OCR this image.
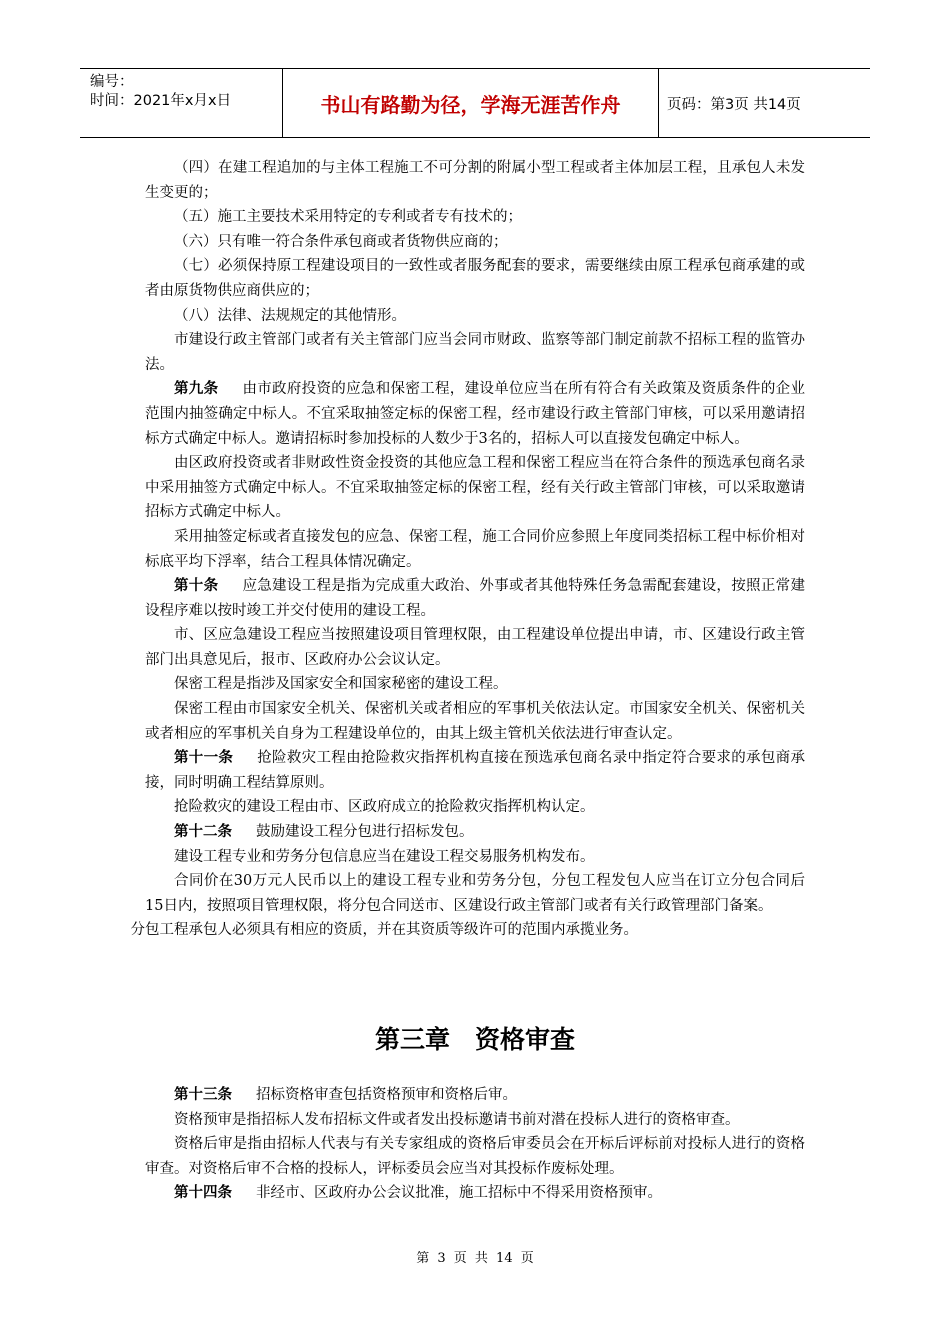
编号：
时间：2021年x月x日	书山有路勤为径，学海无涯苦作舟	页码：第3页 共14页

（四）在建工程追加的与主体工程施工不可分割的附属小型工程或者主体加层工程，且承包人未发生变更的；

（五）施工主要技术采用特定的专利或者专有技术的；

（六）只有唯一符合条件承包商或者货物供应商的；

（七）必须保持原工程建设项目的一致性或者服务配套的要求，需要继续由原工程承包商承建的或者由原货物供应商供应的；

（八）法律、法规规定的其他情形。

市建设行政主管部门或者有关主管部门应当会同市财政、监察等部门制定前款不招标工程的监管办法。

第九条 由市政府投资的应急和保密工程，建设单位应当在所有符合有关政策及资质条件的企业范围内抽签确定中标人。不宜采取抽签定标的保密工程，经市建设行政主管部门审核，可以采用邀请招标方式确定中标人。邀请招标时参加投标的人数少于3名的，招标人可以直接发包确定中标人。

由区政府投资或者非财政性资金投资的其他应急工程和保密工程应当在符合条件的预选承包商名录中采用抽签方式确定中标人。不宜采取抽签定标的保密工程，经有关行政主管部门审核，可以采取邀请招标方式确定中标人。

采用抽签定标或者直接发包的应急、保密工程，施工合同价应参照上年度同类招标工程中标价相对标底平均下浮率，结合工程具体情况确定。

第十条 应急建设工程是指为完成重大政治、外事或者其他特殊任务急需配套建设，按照正常建设程序难以按时竣工并交付使用的建设工程。

市、区应急建设工程应当按照建设项目管理权限，由工程建设单位提出申请，市、区建设行政主管部门出具意见后，报市、区政府办公会议认定。

保密工程是指涉及国家安全和国家秘密的建设工程。

保密工程由市国家安全机关、保密机关或者相应的军事机关依法认定。市国家安全机关、保密机关或者相应的军事机关自身为工程建设单位的，由其上级主管机关依法进行审查认定。

第十一条 抢险救灾工程由抢险救灾指挥机构直接在预选承包商名录中指定符合要求的承包商承接，同时明确工程结算原则。

抢险救灾的建设工程由市、区政府成立的抢险救灾指挥机构认定。

第十二条 鼓励建设工程分包进行招标发包。

建设工程专业和劳务分包信息应当在建设工程交易服务机构发布。

合同价在30万元人民币以上的建设工程专业和劳务分包，分包工程发包人应当在订立分包合同后15日内，按照项目管理权限，将分包合同送市、区建设行政主管部门或者有关行政管理部门备案。

分包工程承包人必须具有相应的资质，并在其资质等级许可的范围内承揽业务。

第三章　资格审查

第十三条 招标资格审查包括资格预审和资格后审。

资格预审是指招标人发布招标文件或者发出投标邀请书前对潜在投标人进行的资格审查。

资格后审是指由招标人代表与有关专家组成的资格后审委员会在开标后评标前对投标人进行的资格审查。对资格后审不合格的投标人，评标委员会应当对其投标作废标处理。

第十四条 非经市、区政府办公会议批准，施工招标中不得采用资格预审。

第 3 页 共 14 页
